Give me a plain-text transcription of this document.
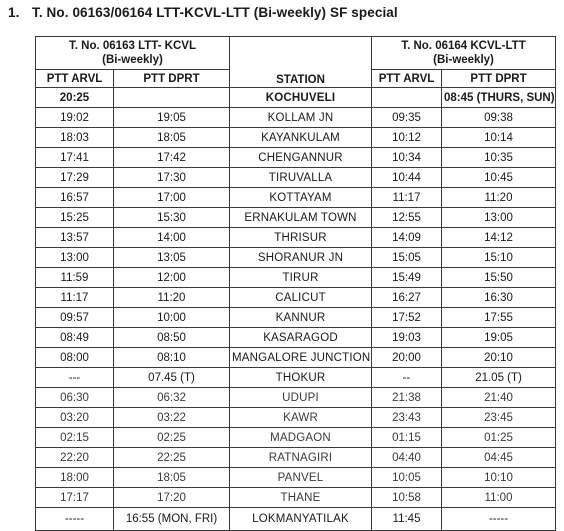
1. T. No. 06163/06164 LTT-KCVL-LTT (Bi-weekly) SF special
T. No. 06163 LTT- KCVL
(Bi-weekly)		STATION	T. No. 06164 KCVL-LTT
(Bi-weekly)	

PTT ARVL	PTT DPRT		PTT ARVL	PTT DPRT
20:25		KOCHUVELI		08:45 (THURS, SUN)
19:02	19:05	KOLLAM JN	09:35	09:38
18:03	18:05	KAYANKULAM	10:12	10:14
17:41	17:42	CHENGANNUR	10:34	10:35
17:29	17:30	TIRUVALLA	10:44	10:45
16:57	17:00	KOTTAYAM	11:17	11:20
15:25	15:30	ERNAKULAM TOWN	12:55	13:00
13:57	14:00	THRISUR	14:09	14:12
13:00	13:05	SHORANUR JN	15:05	15:10
11:59	12:00	TIRUR	15:49	15:50
11:17	11:20	CALICUT	16:27	16:30
09:57	10:00	KANNUR	17:52	17:55
08:49	08:50	KASARAGOD	19:03	19:05
08:00	08:10	MANGALORE JUNCTION	20:00	20:10
---	07.45 (T)	THOKUR	--	21.05 (T)
06:30	06:32	UDUPI	21:38	21:40
03:20	03:22	KAWR	23:43	23:45
02:15	02:25	MADGAON	01:15	01:25
22:20	22:25	RATNAGIRI	04:40	04:45
18:00	18:05	PANVEL	10:05	10:10
17:17	17:20	THANE	10:58	11:00
-----	16:55 (MON, FRI)	LOKMANYATILAK	11:45	-----
